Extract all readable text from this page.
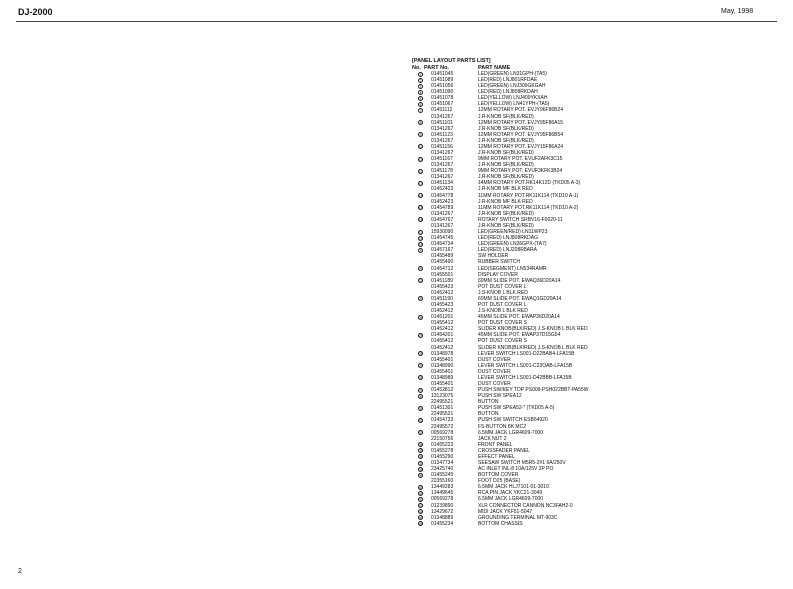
DJ-2000	May, 1998
[PANEL LAYOUT PARTS LIST]
No. PART No.	PART NAME
1	01451045	LED(GREEN) LN31GPH-(TA5)
2	01451089	LED(RED) LNJ801RFDAE
3	01451056	LED(GREEN) LNJ309GKGAH
4	01451090	LED(RED) LNJ808RKDAH
5	01451078	LED(YELLOW) LNJ409YKXAH
6	01451067	LED(YELLOW) LN41YPH-(TA5)
7	01451112	12MM ROTARY POT. EVJY96F86B24
01341267	J.R-KNOB SF(BLK/RED)
8	01451101	12MM ROTARY POT. EVJY95F86A15
01341267	J.R-KNOB SF(BLK/RED)
9	01451123	12MM ROTARY POT. EVJY95F86B54
01341267	J.R-KNOB SF(BLK/RED)
10 01451156	12MM ROTARY POT. EVJY15F86A24
01341267	J.R-KNOB SF(BLK/RED)
11 01451167	9MM ROTARY POT. EVUF2AFK3C15
01341267	J.R-KNOB SF(BLK/RED)
12 01451178	9MM ROTARY POT. EVUF3KFK3B24
01341267	J.R-KNOB SF(BLK/RED)
13 01451134	14MM ROTARY POT.RK14K12D (TKD05 A-3)
01452423	J.R-KNOB MF BLK RED
14 01454778	11MM ROTARY POT.RK11K114 (TKD10 A-1)
01452423	J.R-KNOB MF BLK RED
15 01454789	11MM ROTARY POT.RK11K114 (TKD10 A-2)
01341267	J.R-KNOB SF(BLK/RED)
16 01454767	ROTARY SWITCH SRBV16-F0020-11
01341267	J.R-KNOB SF(BLK/RED)
17 15930090	LED(GREEN/RED) LN11WP23
18 01454745	LED(RED) LNJ808RKDAG
19 01454734	LED(GREEN) LN36GPX-(TA7)
20 01457167	LED(RED) LNJ208R8ARA
01455489	SW HOLDER
01455490	RUBBER SWITCH
21 01454712	LED(SEGMENT) LN534RAMR
01455501	DISPLAY COVER
22 01451189	60MM SLIDE POT. EWAQ36D20A14
01455423	POT DUST COVER L
01452412	J.S-KNOB L BLK RED
23 01451190	60MM SLIDE POT. EWAQ1GD20A14
01455423	POT DUST COVER L
01452412	J.S-KNOB L BLK RED
24 01451201	45MM SLIDE POT. EWAP36D20A14
01455412	POT DUST COVER S
01452412	SLIDER KNOB(BLK/RED) J.S-KNOB L BLK RED
25 01454201	45MM SLIDE POT. EWAP37D15G54
01455412	POT DUST COVER S
01452412	SLIDER KNOB(BLK/RED) J.S-KNOB L BLK RED
26 01348978	LEVER SWITCH LS001-D22BAB4-LFA15B
01455401	DUST COVER
27 01348990	LEVER SWITCH LS001-C23OAB-LFA15B
01455401	DUST COVER
28 01348989	LEVER SWITCH LS001-D42BBB-LFA15B
01455401	DUST COVER
29 01452812	PUSH SW/KEY TOP PS009-PSH022BBT-PA55W
30 13123075	PUSH SW SPEA12
22495521	BUTTON
31 01451301	PUSH SW SPEA52-* (TKD05 A-5)
22495521	BUTTON
32 01454723	PUSH SW SWITCH ESB64920
22495572	FS-BUTTON 8K MC2
33 00569278	6.5MM JACK LGR4609-7000
22150756	JACK NUT 2
34 01455223	FRONT PANEL
35 01455278	CROSSFADER PANEL
36 01455290	EFFECT PANEL
37 01347734	SEESAW SWITCH M5R5-2#1 6A/250V
38 23425740	AC INLET INL-8 10A/125V 2P PO
39 01455245	BOTTOM COVER
22355160	FOOT D25 (BASE)
40 13449283	6.5MM JACK HLJ7101-01-3010
41 13449645	RCA PIN JACK YKC21-3049
42 00569278	6.5MM JACK LGR4609-7000
43 01239890	XLR CONNECTOR CANNON NC3FAH2-0
44 13429672	MIDI JACK YKF51-5047
45 01348889	GROUNDING TERMINAL MT-903C
46 01455234	BOTTOM CHASSIS
2
